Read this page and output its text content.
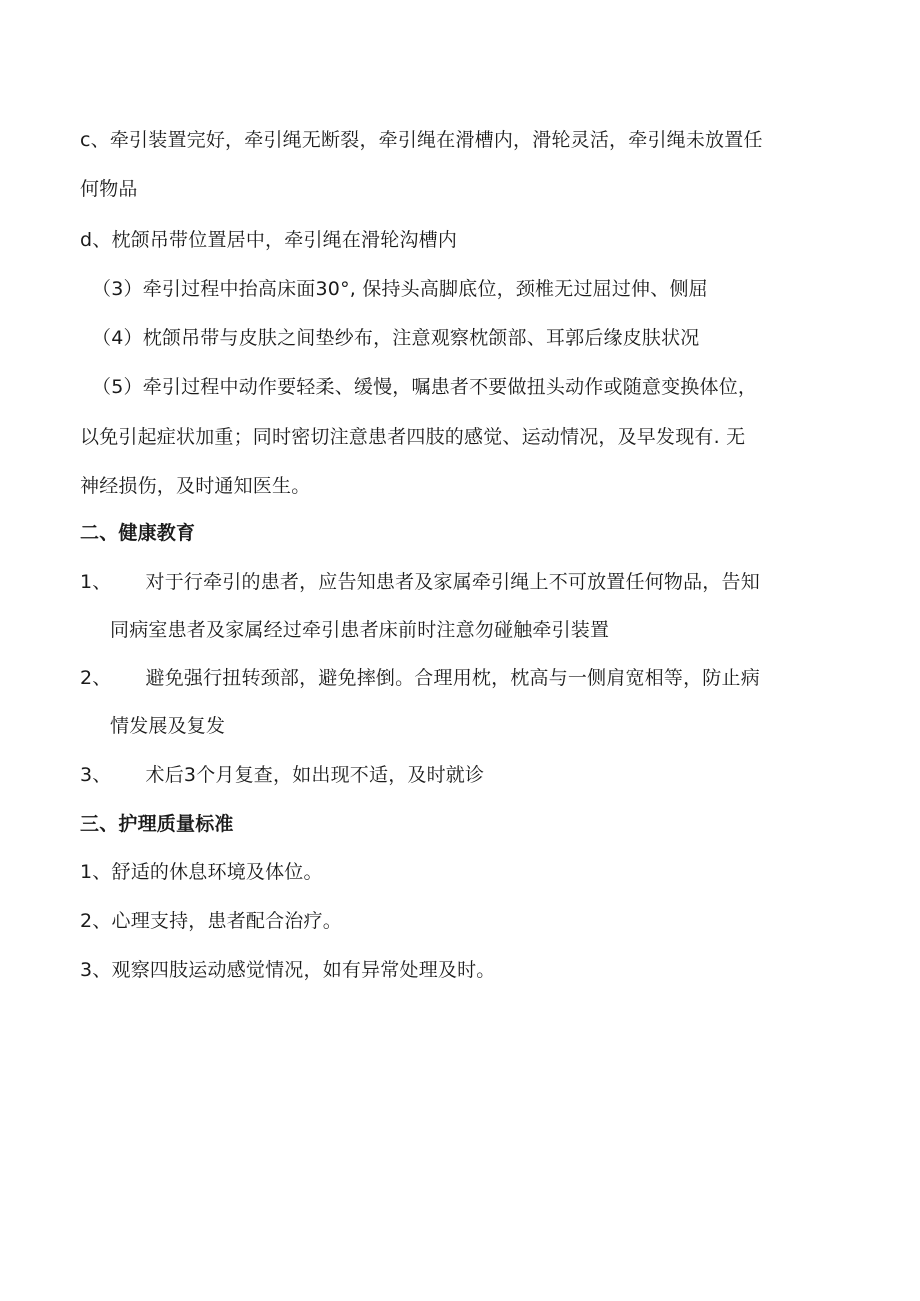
c、牵引装置完好，牵引绳无断裂，牵引绳在滑槽内，滑轮灵活，牵引绳未放置任
何物品
d、枕颌吊带位置居中，牵引绳在滑轮沟槽内
（3）牵引过程中抬高床面30°, 保持头高脚底位，颈椎无过屈过伸、侧屈
（4）枕颌吊带与皮肤之间垫纱布，注意观察枕颌部、耳郭后缘皮肤状况
（5）牵引过程中动作要轻柔、缓慢，嘱患者不要做扭头动作或随意变换体位，
以免引起症状加重；同时密切注意患者四肢的感觉、运动情况，及早发现有. 无
神经损伤，及时通知医生。
二、健康教育
1、 对于行牵引的患者，应告知患者及家属牵引绳上不可放置任何物品，告知
同病室患者及家属经过牵引患者床前时注意勿碰触牵引装置
2、 避免强行扭转颈部，避免摔倒。合理用枕，枕高与一侧肩宽相等，防止病
情发展及复发
3、 术后3个月复查，如出现不适，及时就诊
三、护理质量标准
1、舒适的休息环境及体位。
2、心理支持，患者配合治疗。
3、观察四肢运动感觉情况，如有异常处理及时。
